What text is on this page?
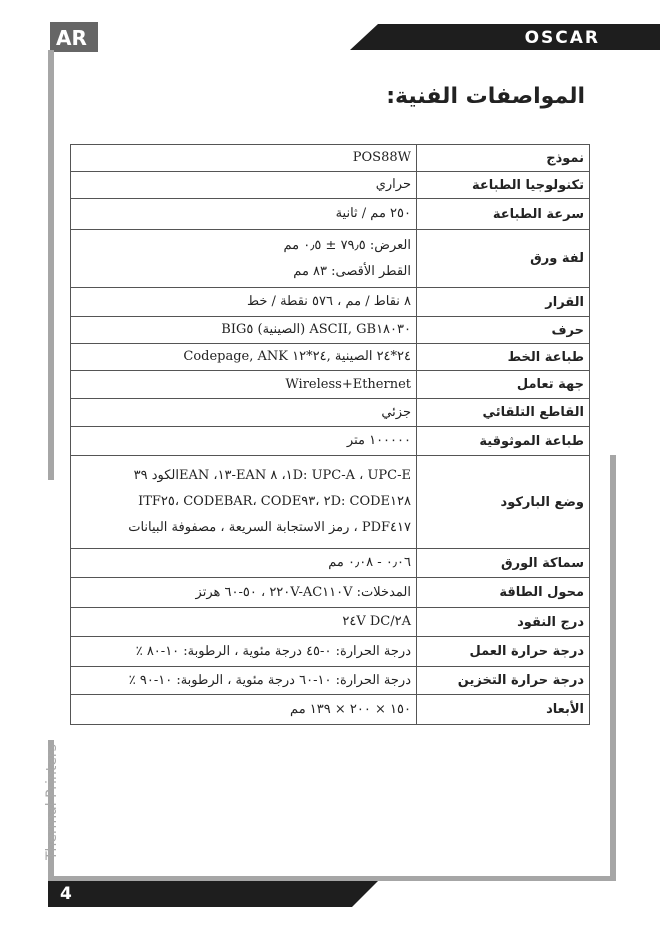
AR	OSCAR
Thermal Printers
المواصفات الفنية:
نموذج	POS88W

تكنولوجيا الطباعة	حراري

سرعة الطباعة	٢٥٠ مم / ثانية

لفة ورق	العرض: ٧٩٫٥ ± ٠٫٥ مم
القطر الأقصى: ٨٣ مم

القرار	٨ نقاط / مم ، ٥٧٦ نقطة / خط

حرف	ASCII, GB١٨٠٣٠ (الصينية) BIG٥

طباعة الخط	٢٤*٢٤ الصينية ,٢٤*١٢ Codepage, ANK

جهة تعامل	Wireless+Ethernet

القاطع التلقائي	جزئي

طباعة الموثوقية	١٠٠٠٠٠ متر

وضع الباركود	١D: UPC-A ، UPC-E، ٨ EAN-١٣، EANالكود ٣٩
٢D: CODE١٢٨ ،CODEBAR، CODE٩٣ ،ITF٢٥
PDF٤١٧ ، رمز الاستجابة السريعة ، مصفوفة البيانات

سماكة الورق	٠٫٠٦ - ٠٫٠٨ مم

محول الطاقة	المدخلات: ٢٢٠V-AC١١٠V ، ٥٠-٦٠ هرتز

درج النقود	٢A/٢٤V DC

درجة حرارة العمل	درجة الحرارة: ٠-٤٥ درجة مئوية ، الرطوبة: ١٠-٨٠ ٪

درجة حرارة التخزين	درجة الحرارة: ١٠-٦٠ درجة مئوية ، الرطوبة: ١٠-٩٠ ٪

الأبعاد	١٥٠ × ٢٠٠ × ١٣٩ مم
4
